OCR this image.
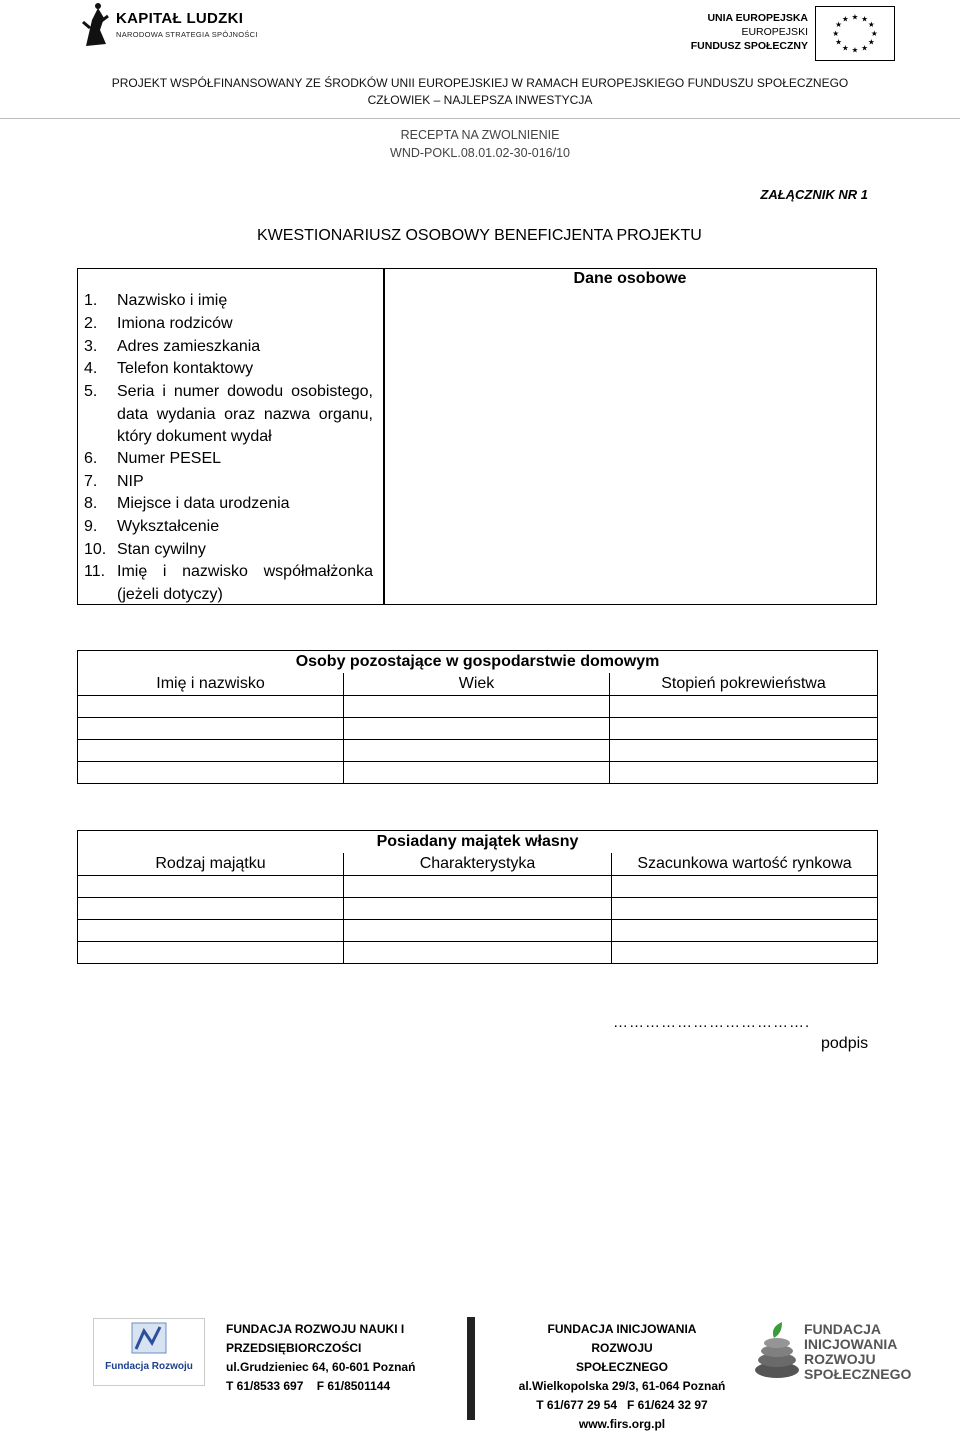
KAPITAŁ LUDZKI
NARODOWA STRATEGIA SPÓJNOŚCI
UNIA EUROPEJSKA
EUROPEJSKI
FUNDUSZ SPOŁECZNY
★ ★
★
★
★
★
★
★
★
★
★
★
PROJEKT WSPÓŁFINANSOWANY ZE ŚRODKÓW UNII EUROPEJSKIEJ W RAMACH EUROPEJSKIEGO FUNDUSZU SPOŁECZNEGO
CZŁOWIEK – NAJLEPSZA INWESTYCJA
RECEPTA NA ZWOLNIENIE
WND-POKL.08.01.02-30-016/10
ZAŁĄCZNIK NR 1
KWESTIONARIUSZ OSOBOWY BENEFICJENTA PROJEKTU
Dane osobowe
1.	Nazwisko i imię
2.	Imiona rodziców
3.	Adres zamieszkania
4.	Telefon kontaktowy
5.	Seria i numer dowodu osobistego, data wydania oraz nazwa organu, który dokument wydał
6.	Numer PESEL
7.	NIP
8.	Miejsce i data urodzenia
9.	Wykształcenie
10. Stan cywilny
11. Imię i nazwisko współmałżonka (jeżeli dotyczy)
Osoby pozostające w gospodarstwie domowym		
Imię i nazwisko	Wiek	Stopień pokrewieństwa

Posiadany majątek własny		
Rodzaj majątku	Charakterystyka	Szacunkowa wartość rynkowa

……………………………….
podpis
Fundacja Rozwoju
FUNDACJA ROZWOJU NAUKI I
PRZEDSIĘBIORCZOŚCI
ul.Grudzieniec 64, 60-601 Poznań
T 61/8533 697    F 61/8501144
FUNDACJA INICJOWANIA ROZWOJU
SPOŁECZNEGO
al.Wielkopolska 29/3, 61-064 Poznań
T 61/677 29 54   F 61/624 32 97
www.firs.org.pl
FUNDACJA
INICJOWANIA
ROZWOJU
SPOŁECZNEGO
